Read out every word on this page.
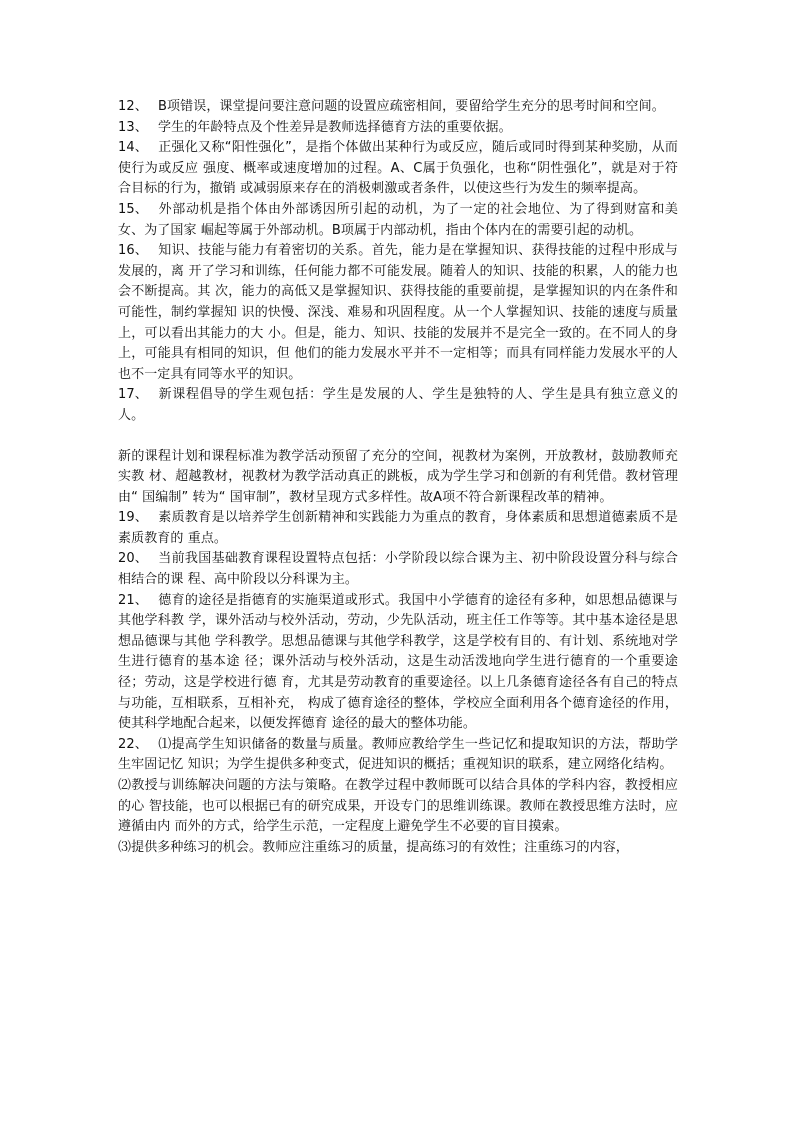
12、 B项错误，课堂提问要注意问题的设置应疏密相间，要留给学生充分的思考时间和空间。

13、 学生的年龄特点及个性差异是教师选择德育方法的重要依据。

14、 正强化又称“阳性强化”，是指个体做出某种行为或反应，随后或同时得到某种奖励，从而使行为或反应 强度、概率或速度增加的过程。A、C属于负强化，也称“阴性强化”，就是对于符合目标的行为，撤销 或减弱原来存在的消极刺激或者条件，以使这些行为发生的频率提高。

15、 外部动机是指个体由外部诱因所引起的动机，为了一定的社会地位、为了得到财富和美女、为了国家 崛起等属于外部动机。B项属于内部动机，指由个体内在的需要引起的动机。

16、 知识、技能与能力有着密切的关系。首先，能力是在掌握知识、获得技能的过程中形成与发展的，离 开了学习和训练，任何能力都不可能发展。随着人的知识、技能的积累，人的能力也会不断提高。其 次，能力的高低又是掌握知识、获得技能的重要前提，是掌握知识的内在条件和可能性，制约掌握知 识的快慢、深浅、难易和巩固程度。从一个人掌握知识、技能的速度与质量上，可以看出其能力的大 小。但是，能力、知识、技能的发展并不是完全一致的。在不同人的身上，可能具有相同的知识，但 他们的能力发展水平并不一定相等；而具有同样能力发展水平的人也不一定具有同等水平的知识。

17、 新课程倡导的学生观包括：学生是发展的人、学生是独特的人、学生是具有独立意义的人。

新的课程计划和课程标准为教学活动预留了充分的空间，视教材为案例，开放教材，鼓励教师充实教 材、超越教材，视教材为教学活动真正的跳板，成为学生学习和创新的有利凭借。教材管理由“ 国编制” 转为“ 国审制”，教材呈现方式多样性。故A项不符合新课程改革的精神。

19、 素质教育是以培养学生创新精神和实践能力为重点的教育，身体素质和思想道德素质不是素质教育的 重点。

20、 当前我国基础教育课程设置特点包括：小学阶段以综合课为主、初中阶段设置分科与综合相结合的课 程、高中阶段以分科课为主。

21、 德育的途径是指德育的实施渠道或形式。我国中小学德育的途径有多种，如思想品德课与其他学科教 学，课外活动与校外活动，劳动，少先队活动，班主任工作等等。其中基本途径是思想品德课与其他 学科教学。思想品德课与其他学科教学，这是学校有目的、有计划、系统地对学生进行德育的基本途 径；课外活动与校外活动，这是生动活泼地向学生进行德育的一个重要途径；劳动，这是学校进行德 育，尤其是劳动教育的重要途径。以上几条德育途径各有自己的特点与功能，互相联系，互相补充， 构成了德育途径的整体，学校应全面利用各个德育途径的作用，使其科学地配合起来，以便发挥德育 途径的最大的整体功能。

22、 ⑴提高学生知识储备的数量与质量。教师应教给学生一些记忆和提取知识的方法，帮助学生牢固记忆 知识；为学生提供多种变式，促进知识的概括；重视知识的联系，建立网络化结构。

⑵教授与训练解决问题的方法与策略。在教学过程中教师既可以结合具体的学科内容，教授相应的心 智技能，也可以根据已有的研究成果，开设专门的思维训练课。教师在教授思维方法时，应遵循由内 而外的方式，给学生示范，一定程度上避免学生不必要的盲目摸索。

⑶提供多种练习的机会。教师应注重练习的质量，提高练习的有效性；注重练习的内容，
